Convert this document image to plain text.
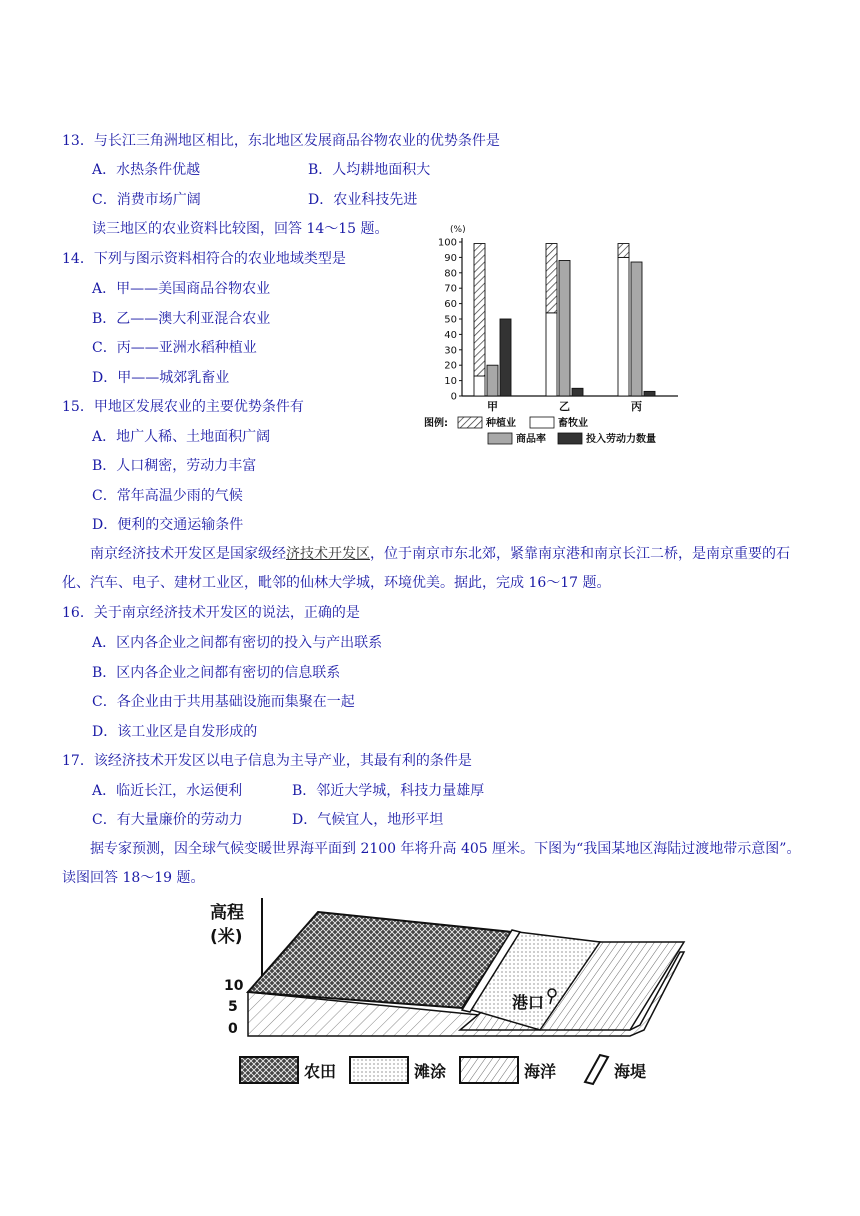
13．与长江三角洲地区相比，东北地区发展商品谷物农业的优势条件是
A．水热条件优越	B．人均耕地面积大
C．消费市场广阔	D．农业科技先进
读三地区的农业资料比较图，回答 14～15 题。
14．下列与图示资料相符合的农业地域类型是
A．甲——美国商品谷物农业
B．乙——澳大利亚混合农业
C．丙——亚洲水稻种植业
D．甲——城郊乳畜业
15．甲地区发展农业的主要优势条件有
A．地广人稀、土地面积广阔
B．人口稠密，劳动力丰富
C．常年高温少雨的气候
D．便利的交通运输条件
南京经济技术开发区是国家级经济技术开发区，位于南京市东北郊，紧靠南京港和南京长江二桥，是南京重要的石化、汽车、电子、建材工业区，毗邻的仙林大学城，环境优美。据此，完成 16～17 题。
16．关于南京经济技术开发区的说法，正确的是
A．区内各企业之间都有密切的投入与产出联系
B．区内各企业之间都有密切的信息联系
C．各企业由于共用基础设施而集聚在一起
D．该工业区是自发形成的
17．该经济技术开发区以电子信息为主导产业，其最有利的条件是
A．临近长江，水运便利	B．邻近大学城，科技力量雄厚
C．有大量廉价的劳动力	D．气候宜人，地形平坦
据专家预测，因全球气候变暖世界海平面到 2100 年将升高 405 厘米。下图为“我国某地区海陆过渡地带示意图”。读图回答 18～19 题。
(%)
0
10
20
30
40
50
60
70
80
90
100
甲	乙	丙
图例:	种植业	畜牧业
商品率	投入劳动力数量
高程
(米)
10
5
0
港口
农田	滩涂	海洋	海堤
